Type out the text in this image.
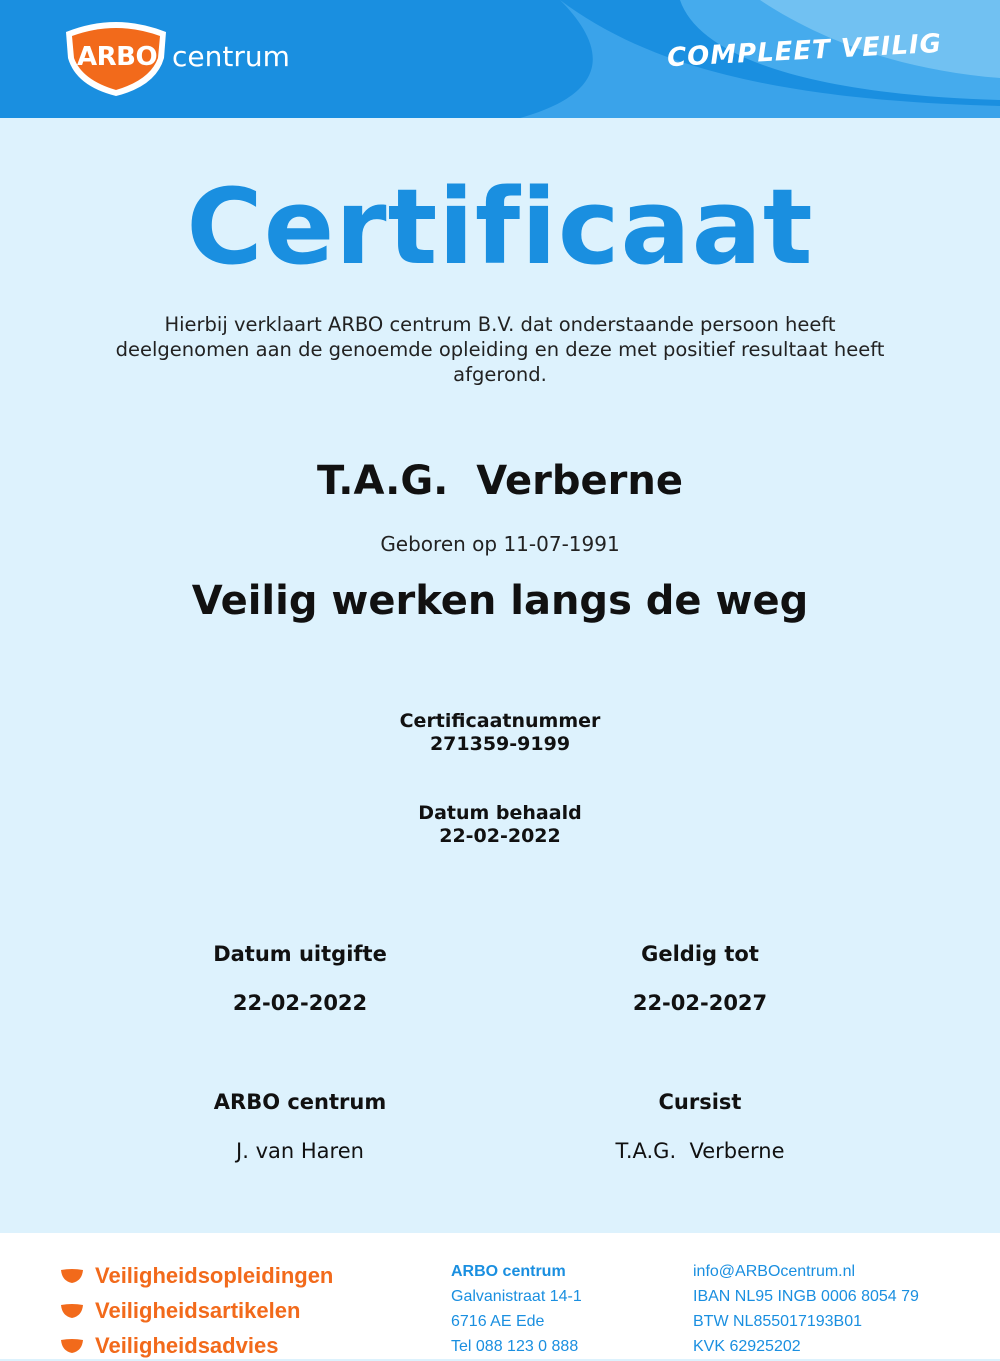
ARBO centrum	COMPLEET VEILIG
Certificaat
Hierbij verklaart ARBO centrum B.V. dat onderstaande persoon heeft deelgenomen aan de genoemde opleiding en deze met positief resultaat heeft afgerond.
T.A.G.  Verberne
Geboren op 11-07-1991
Veilig werken langs de weg
Certificaatnummer
271359-9199
Datum behaald
22-02-2022
Datum uitgifte
22-02-2022
Geldig tot
22-02-2027
ARBO centrum
J. van Haren
Cursist
T.A.G.  Verberne
Veiligheidsopleidingen
Veiligheidsartikelen
Veiligheidsadvies
ARBO centrum
Galvanistraat 14-1
6716 AE Ede
Tel 088 123 0 888
info@ARBOcentrum.nl
IBAN NL95 INGB 0006 8054 79
BTW NL855017193B01
KVK 62925202
